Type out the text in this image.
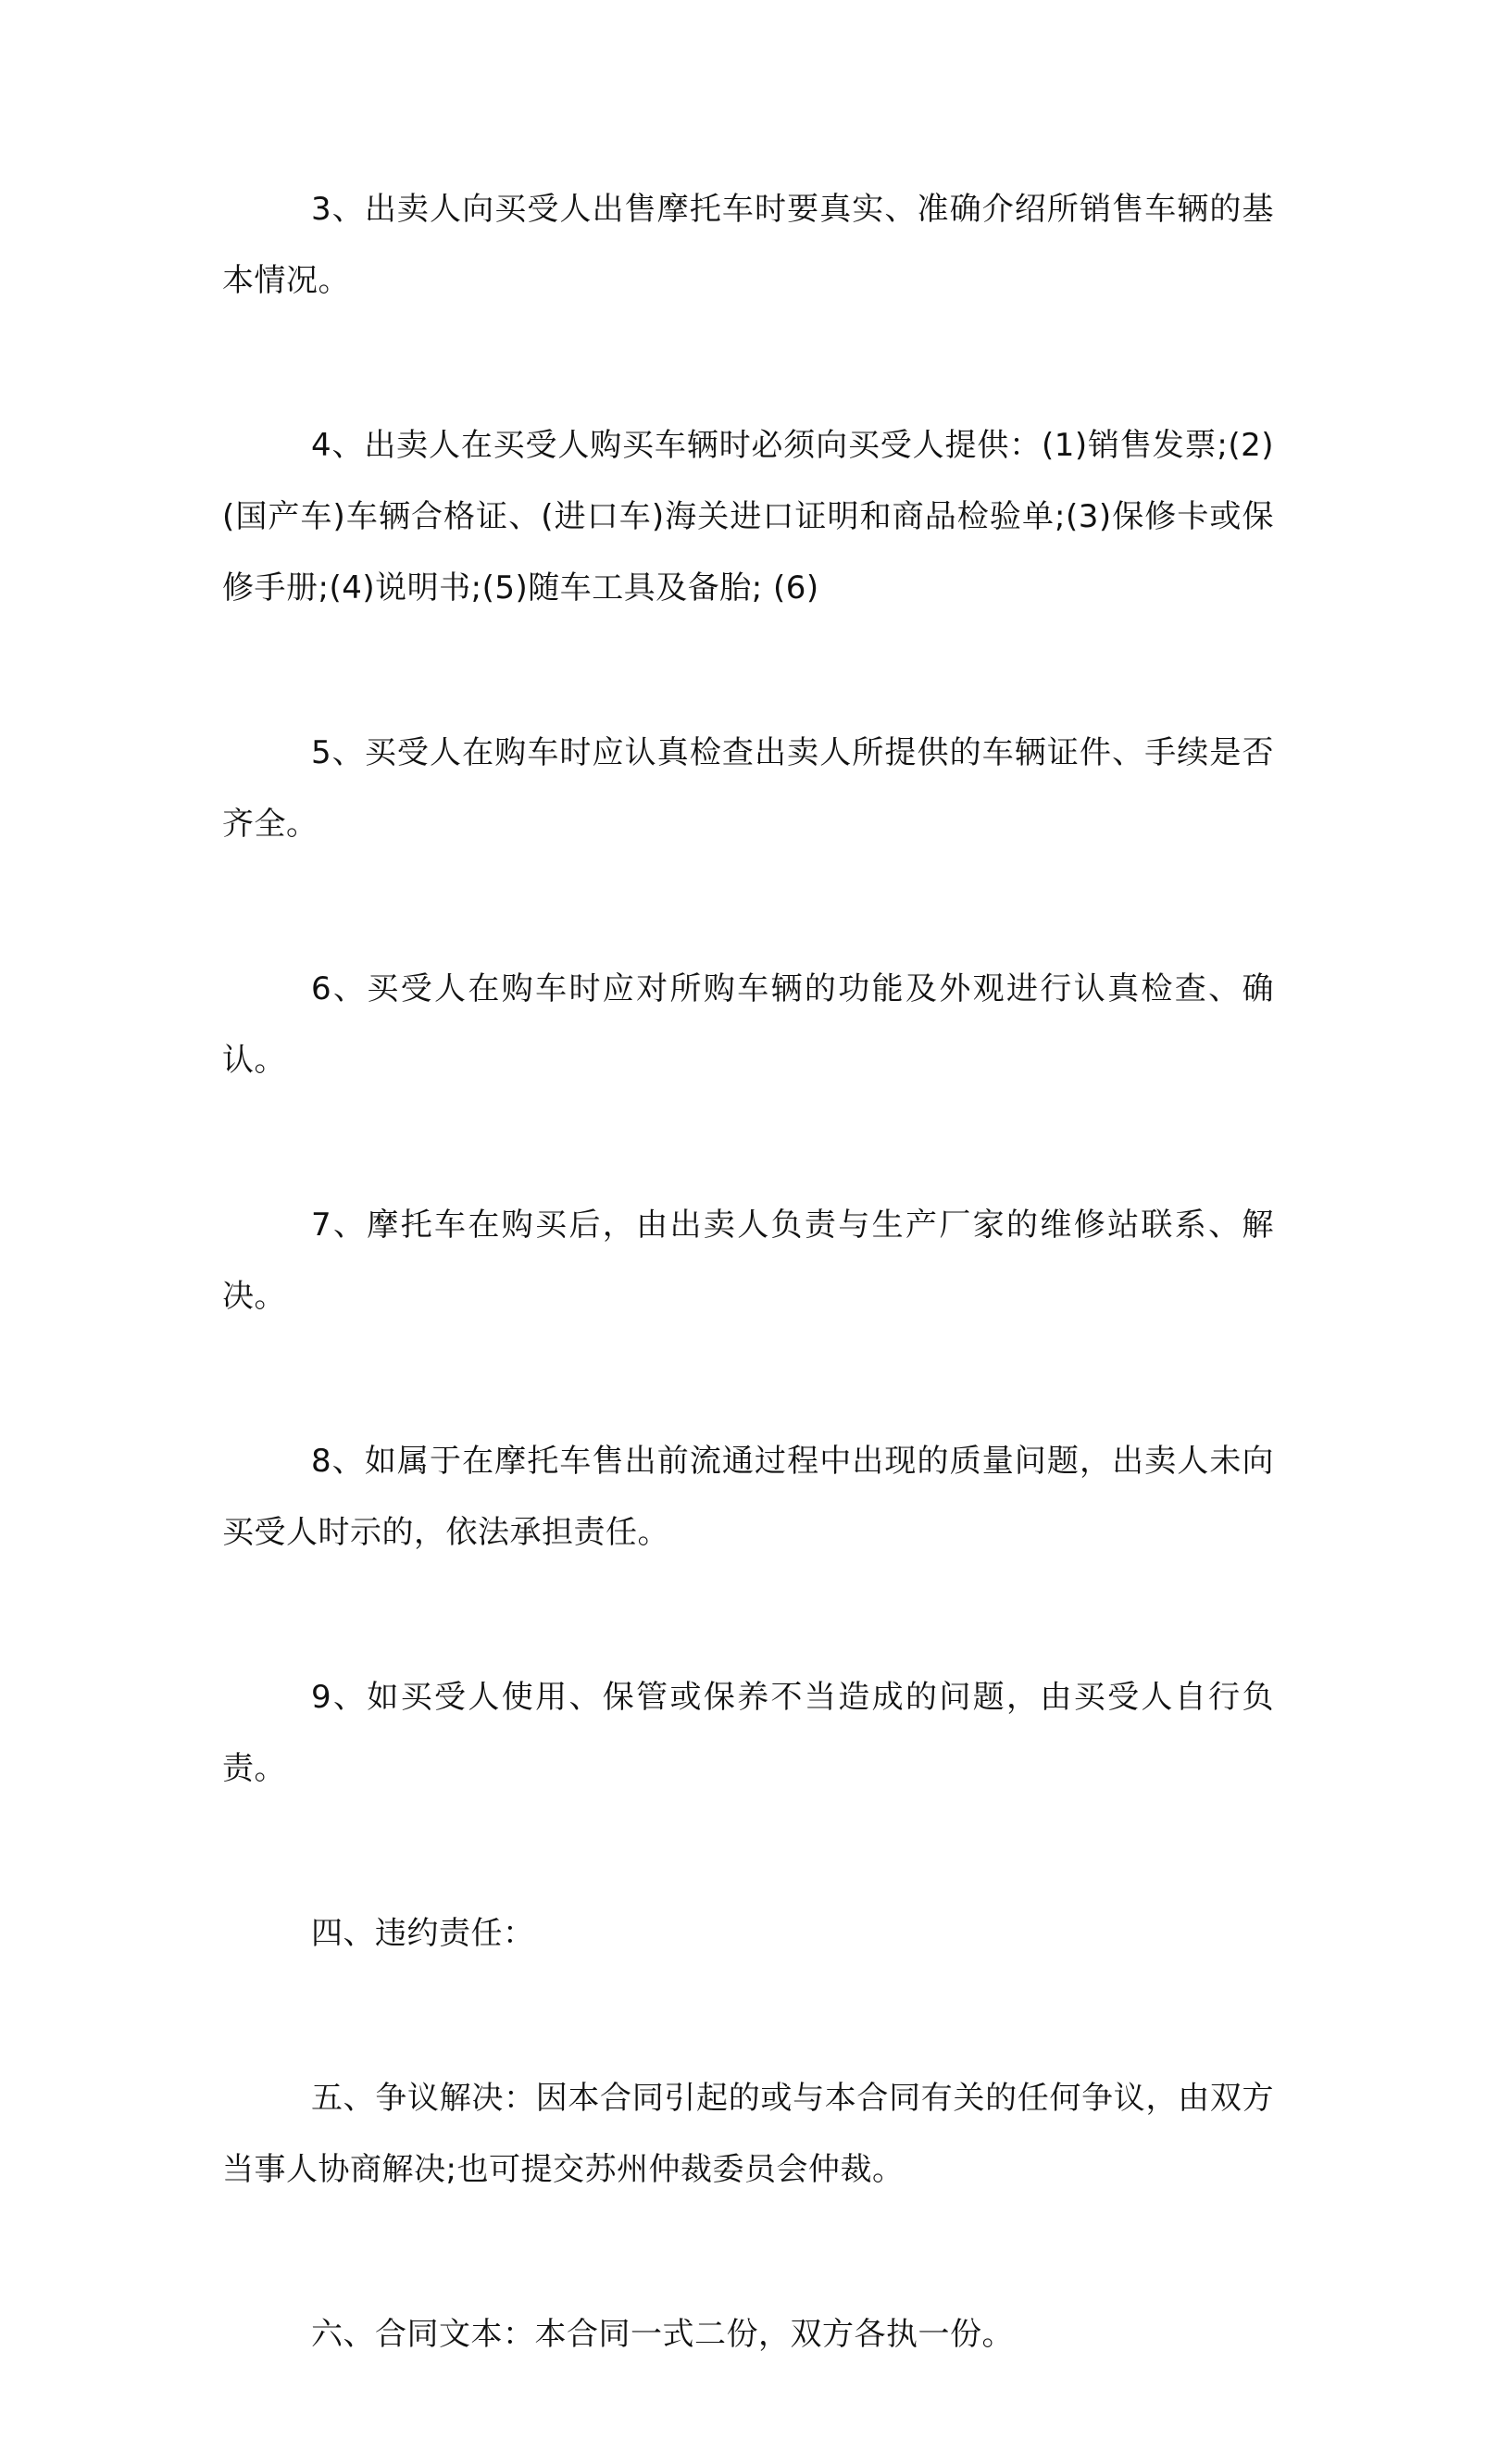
3、出卖人向买受人出售摩托车时要真实、准确介绍所销售车辆的基本情况。

4、出卖人在买受人购买车辆时必须向买受人提供：(1)销售发票;(2)(国产车)车辆合格证、(进口车)海关进口证明和商品检验单;(3)保修卡或保修手册;(4)说明书;(5)随车工具及备胎; (6)

5、买受人在购车时应认真检查出卖人所提供的车辆证件、手续是否齐全。

6、买受人在购车时应对所购车辆的功能及外观进行认真检查、确认。

7、摩托车在购买后，由出卖人负责与生产厂家的维修站联系、解决。

8、如属于在摩托车售出前流通过程中出现的质量问题，出卖人未向买受人时示的，依法承担责任。

9、如买受人使用、保管或保养不当造成的问题，由买受人自行负责。

四、违约责任：

五、争议解决：因本合同引起的或与本合同有关的任何争议，由双方当事人协商解决;也可提交苏州仲裁委员会仲裁。

六、合同文本：本合同一式二份，双方各执一份。
